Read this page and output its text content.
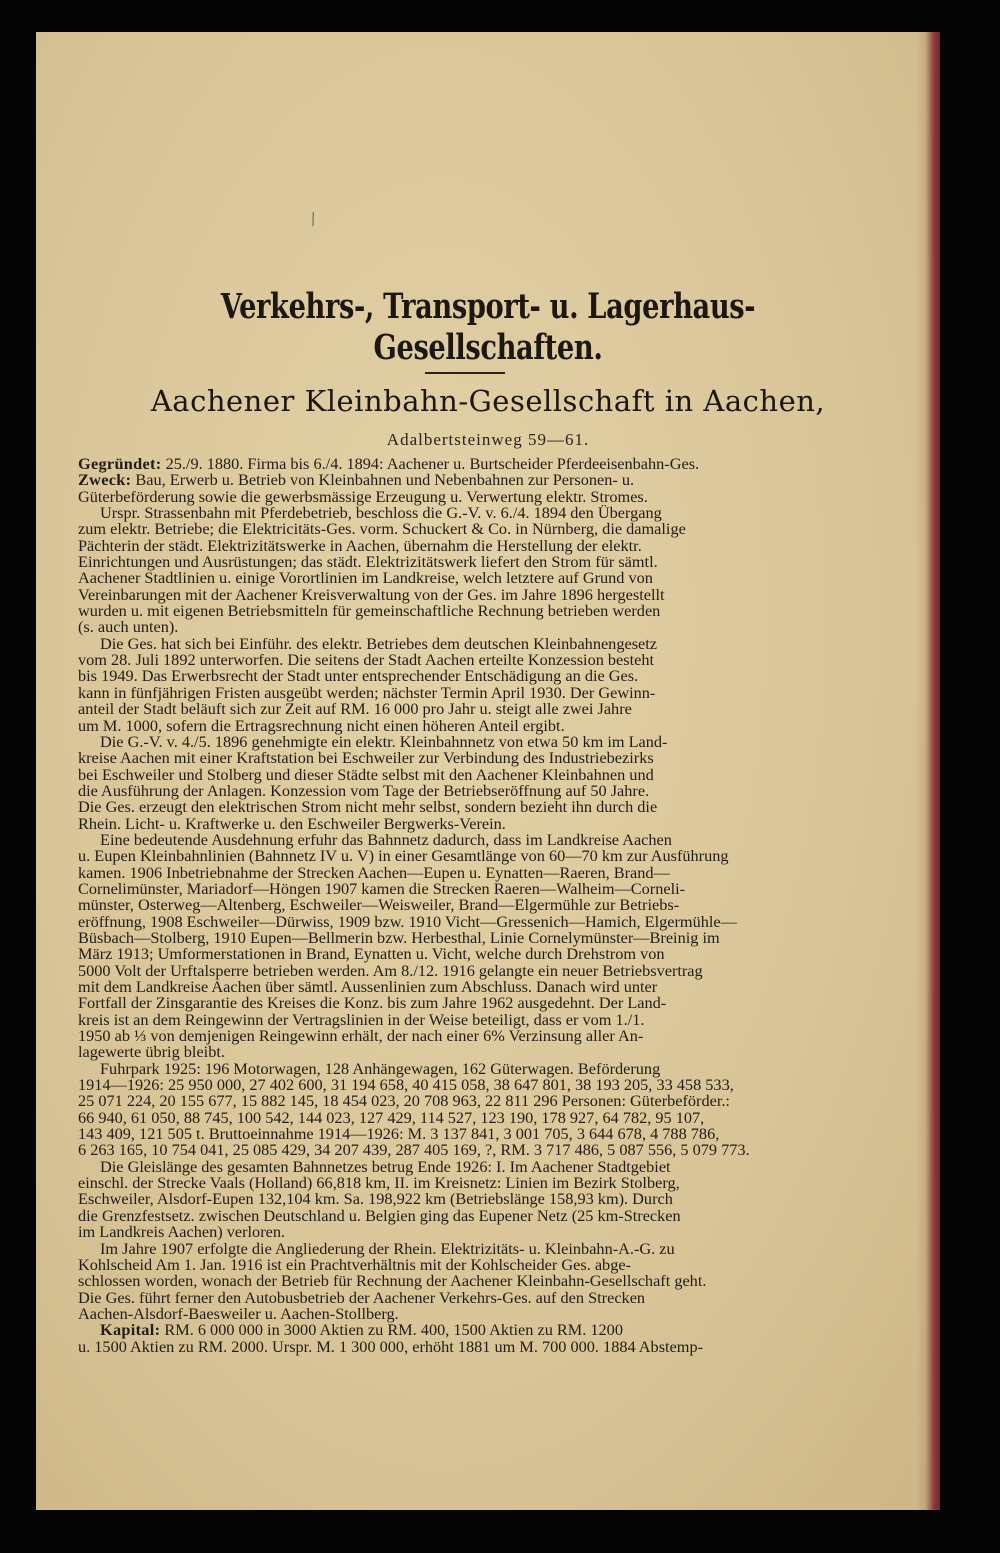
⁄
Verkehrs-, Transport- u. Lagerhaus-Gesellschaften.
Aachener Kleinbahn-Gesellschaft in Aachen,
Adalbertsteinweg 59—61.
Gegründet: 25./9. 1880. Firma bis 6./4. 1894: Aachener u. Burtscheider Pferdeeisenbahn-Ges.
Zweck: Bau, Erwerb u. Betrieb von Kleinbahnen und Nebenbahnen zur Personen- u.
Güterbeförderung sowie die gewerbsmässige Erzeugung u. Verwertung elektr. Stromes.
Urspr. Strassenbahn mit Pferdebetrieb, beschloss die G.-V. v. 6./4. 1894 den Übergang
zum elektr. Betriebe; die Elektricitäts-Ges. vorm. Schuckert & Co. in Nürnberg, die damalige
Pächterin der städt. Elektrizitätswerke in Aachen, übernahm die Herstellung der elektr.
Einrichtungen und Ausrüstungen; das städt. Elektrizitätswerk liefert den Strom für sämtl.
Aachener Stadtlinien u. einige Vorortlinien im Landkreise, welch letztere auf Grund von
Vereinbarungen mit der Aachener Kreisverwaltung von der Ges. im Jahre 1896 hergestellt
wurden u. mit eigenen Betriebsmitteln für gemeinschaftliche Rechnung betrieben werden
(s. auch unten).
Die Ges. hat sich bei Einführ. des elektr. Betriebes dem deutschen Kleinbahnengesetz
vom 28. Juli 1892 unterworfen. Die seitens der Stadt Aachen erteilte Konzession besteht
bis 1949. Das Erwerbsrecht der Stadt unter entsprechender Entschädigung an die Ges.
kann in fünfjährigen Fristen ausgeübt werden; nächster Termin April 1930. Der Gewinn-
anteil der Stadt beläuft sich zur Zeit auf RM. 16 000 pro Jahr u. steigt alle zwei Jahre
um M. 1000, sofern die Ertragsrechnung nicht einen höheren Anteil ergibt.
Die G.-V. v. 4./5. 1896 genehmigte ein elektr. Kleinbahnnetz von etwa 50 km im Land-
kreise Aachen mit einer Kraftstation bei Eschweiler zur Verbindung des Industriebezirks
bei Eschweiler und Stolberg und dieser Städte selbst mit den Aachener Kleinbahnen und
die Ausführung der Anlagen. Konzession vom Tage der Betriebseröffnung auf 50 Jahre.
Die Ges. erzeugt den elektrischen Strom nicht mehr selbst, sondern bezieht ihn durch die
Rhein. Licht- u. Kraftwerke u. den Eschweiler Bergwerks-Verein.
Eine bedeutende Ausdehnung erfuhr das Bahnnetz dadurch, dass im Landkreise Aachen
u. Eupen Kleinbahnlinien (Bahnnetz IV u. V) in einer Gesamtlänge von 60—70 km zur Ausführung
kamen. 1906 Inbetriebnahme der Strecken Aachen—Eupen u. Eynatten—Raeren, Brand—
Cornelimünster, Mariadorf—Höngen 1907 kamen die Strecken Raeren—Walheim—Corneli-
münster, Osterweg—Altenberg, Eschweiler—Weisweiler, Brand—Elgermühle zur Betriebs-
eröffnung, 1908 Eschweiler—Dürwiss, 1909 bzw. 1910 Vicht—Gressenich—Hamich, Elgermühle—
Büsbach—Stolberg, 1910 Eupen—Bellmerin bzw. Herbesthal, Linie Cornelymünster—Breinig im
März 1913; Umformerstationen in Brand, Eynatten u. Vicht, welche durch Drehstrom von
5000 Volt der Urftalsperre betrieben werden. Am 8./12. 1916 gelangte ein neuer Betriebsvertrag
mit dem Landkreise Aachen über sämtl. Aussenlinien zum Abschluss. Danach wird unter
Fortfall der Zinsgarantie des Kreises die Konz. bis zum Jahre 1962 ausgedehnt. Der Land-
kreis ist an dem Reingewinn der Vertragslinien in der Weise beteiligt, dass er vom 1./1.
1950 ab ⅓ von demjenigen Reingewinn erhält, der nach einer 6% Verzinsung aller An-
lagewerte übrig bleibt.
Fuhrpark 1925: 196 Motorwagen, 128 Anhängewagen, 162 Güterwagen. Beförderung
1914—1926: 25 950 000, 27 402 600, 31 194 658, 40 415 058, 38 647 801, 38 193 205, 33 458 533,
25 071 224, 20 155 677, 15 882 145, 18 454 023, 20 708 963, 22 811 296 Personen: Güterbeförder.:
66 940, 61 050, 88 745, 100 542, 144 023, 127 429, 114 527, 123 190, 178 927, 64 782, 95 107,
143 409, 121 505 t. Bruttoeinnahme 1914—1926: M. 3 137 841, 3 001 705, 3 644 678, 4 788 786,
6 263 165, 10 754 041, 25 085 429, 34 207 439, 287 405 169, ?, RM. 3 717 486, 5 087 556, 5 079 773.
Die Gleislänge des gesamten Bahnnetzes betrug Ende 1926: I. Im Aachener Stadtgebiet
einschl. der Strecke Vaals (Holland) 66,818 km, II. im Kreisnetz: Linien im Bezirk Stolberg,
Eschweiler, Alsdorf-Eupen 132,104 km. Sa. 198,922 km (Betriebslänge 158,93 km). Durch
die Grenzfestsetz. zwischen Deutschland u. Belgien ging das Eupener Netz (25 km-Strecken
im Landkreis Aachen) verloren.
Im Jahre 1907 erfolgte die Angliederung der Rhein. Elektrizitäts- u. Kleinbahn-A.-G. zu
Kohlscheid Am 1. Jan. 1916 ist ein Prachtverhältnis mit der Kohlscheider Ges. abge-
schlossen worden, wonach der Betrieb für Rechnung der Aachener Kleinbahn-Gesellschaft geht.
Die Ges. führt ferner den Autobusbetrieb der Aachener Verkehrs-Ges. auf den Strecken
Aachen-Alsdorf-Baesweiler u. Aachen-Stollberg.
Kapital: RM. 6 000 000 in 3000 Aktien zu RM. 400, 1500 Aktien zu RM. 1200
u. 1500 Aktien zu RM. 2000. Urspr. M. 1 300 000, erhöht 1881 um M. 700 000. 1884 Abstemp-
